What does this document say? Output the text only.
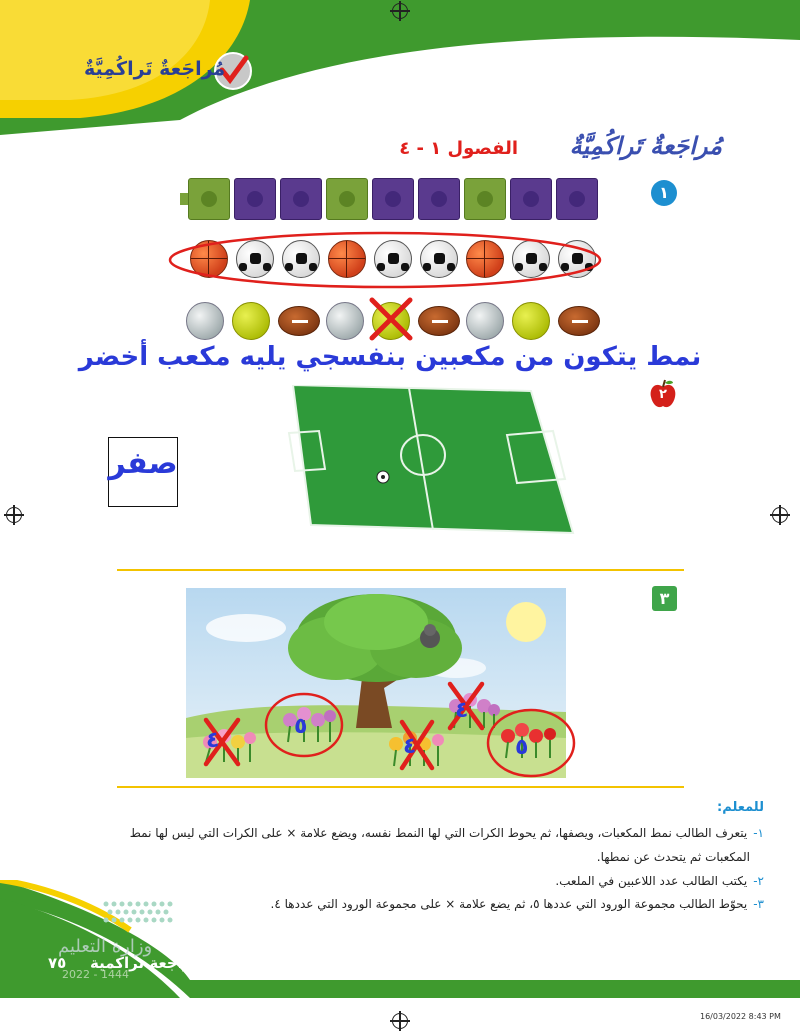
مُراجَعةٌ تَراكُمِيَّةٌ
مُراجَعةٌ تَراكُمِيَّةٌ
الفصول ١ - ٤
١
نمط يتكون من مكعبين بنفسجي يليه مكعب أخضر
٢
صفر
٣
٤
٥
٤
٤
٥
للمعلم:
١-يتعرف الطالب نمط المكعبات، ويصفها، ثم يحوط الكرات التي لها النمط نفسه، ويضع علامة × على الكرات التي ليس لها نمط
المكعبات ثم يتحدث عن نمطها.
٢-يكتب الطالب عدد اللاعبين في الملعب.
٣-يحوّط الطالب مجموعة الورود التي عددها ٥، ثم يضع علامة × على مجموعة الورود التي عددها ٤.
وزارة التعليم
2022 - 1444
مراجعة تراكمية
٧٥
16/03/2022 8:43 PM
